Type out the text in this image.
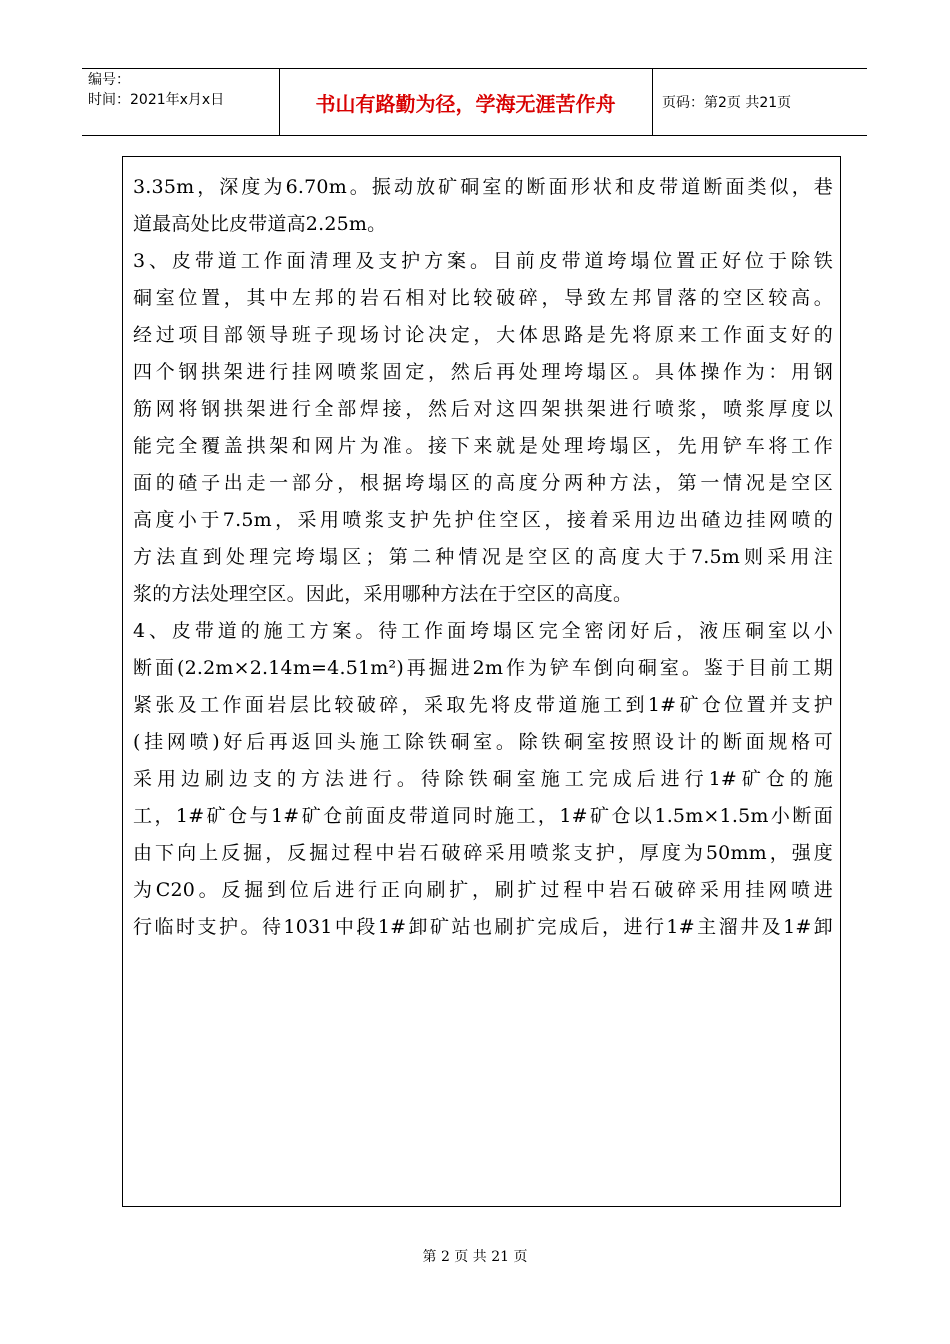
编号：
时间：2021年x月x日	书山有路勤为径，学海无涯苦作舟	页码：第2页 共21页
3.35m，深度为6.70m。振动放矿硐室的断面形状和皮带道断面类似，巷
道最高处比皮带道高2.25m。
3、皮带道工作面清理及支护方案。目前皮带道垮塌位置正好位于除铁
硐室位置，其中左邦的岩石相对比较破碎，导致左邦冒落的空区较高。
经过项目部领导班子现场讨论决定，大体思路是先将原来工作面支好的
四个钢拱架进行挂网喷浆固定，然后再处理垮塌区。具体操作为：用钢
筋网将钢拱架进行全部焊接，然后对这四架拱架进行喷浆，喷浆厚度以
能完全覆盖拱架和网片为准。接下来就是处理垮塌区，先用铲车将工作
面的碴子出走一部分，根据垮塌区的高度分两种方法，第一情况是空区
高度小于7.5m，采用喷浆支护先护住空区，接着采用边出碴边挂网喷的
方法直到处理完垮塌区；第二种情况是空区的高度大于7.5m则采用注
浆的方法处理空区。因此，采用哪种方法在于空区的高度。
4、皮带道的施工方案。待工作面垮塌区完全密闭好后，液压硐室以小
断面(2.2m×2.14m=4.51m²)再掘进2m作为铲车倒向硐室。鉴于目前工期
紧张及工作面岩层比较破碎，采取先将皮带道施工到1#矿仓位置并支护
(挂网喷)好后再返回头施工除铁硐室。除铁硐室按照设计的断面规格可
采用边刷边支的方法进行。待除铁硐室施工完成后进行1#矿仓的施
工，1#矿仓与1#矿仓前面皮带道同时施工，1#矿仓以1.5m×1.5m小断面
由下向上反掘，反掘过程中岩石破碎采用喷浆支护，厚度为50mm，强度
为C20。反掘到位后进行正向刷扩，刷扩过程中岩石破碎采用挂网喷进
行临时支护。待1031中段1#卸矿站也刷扩完成后，进行1#主溜井及1#卸
第 2 页 共 21 页
